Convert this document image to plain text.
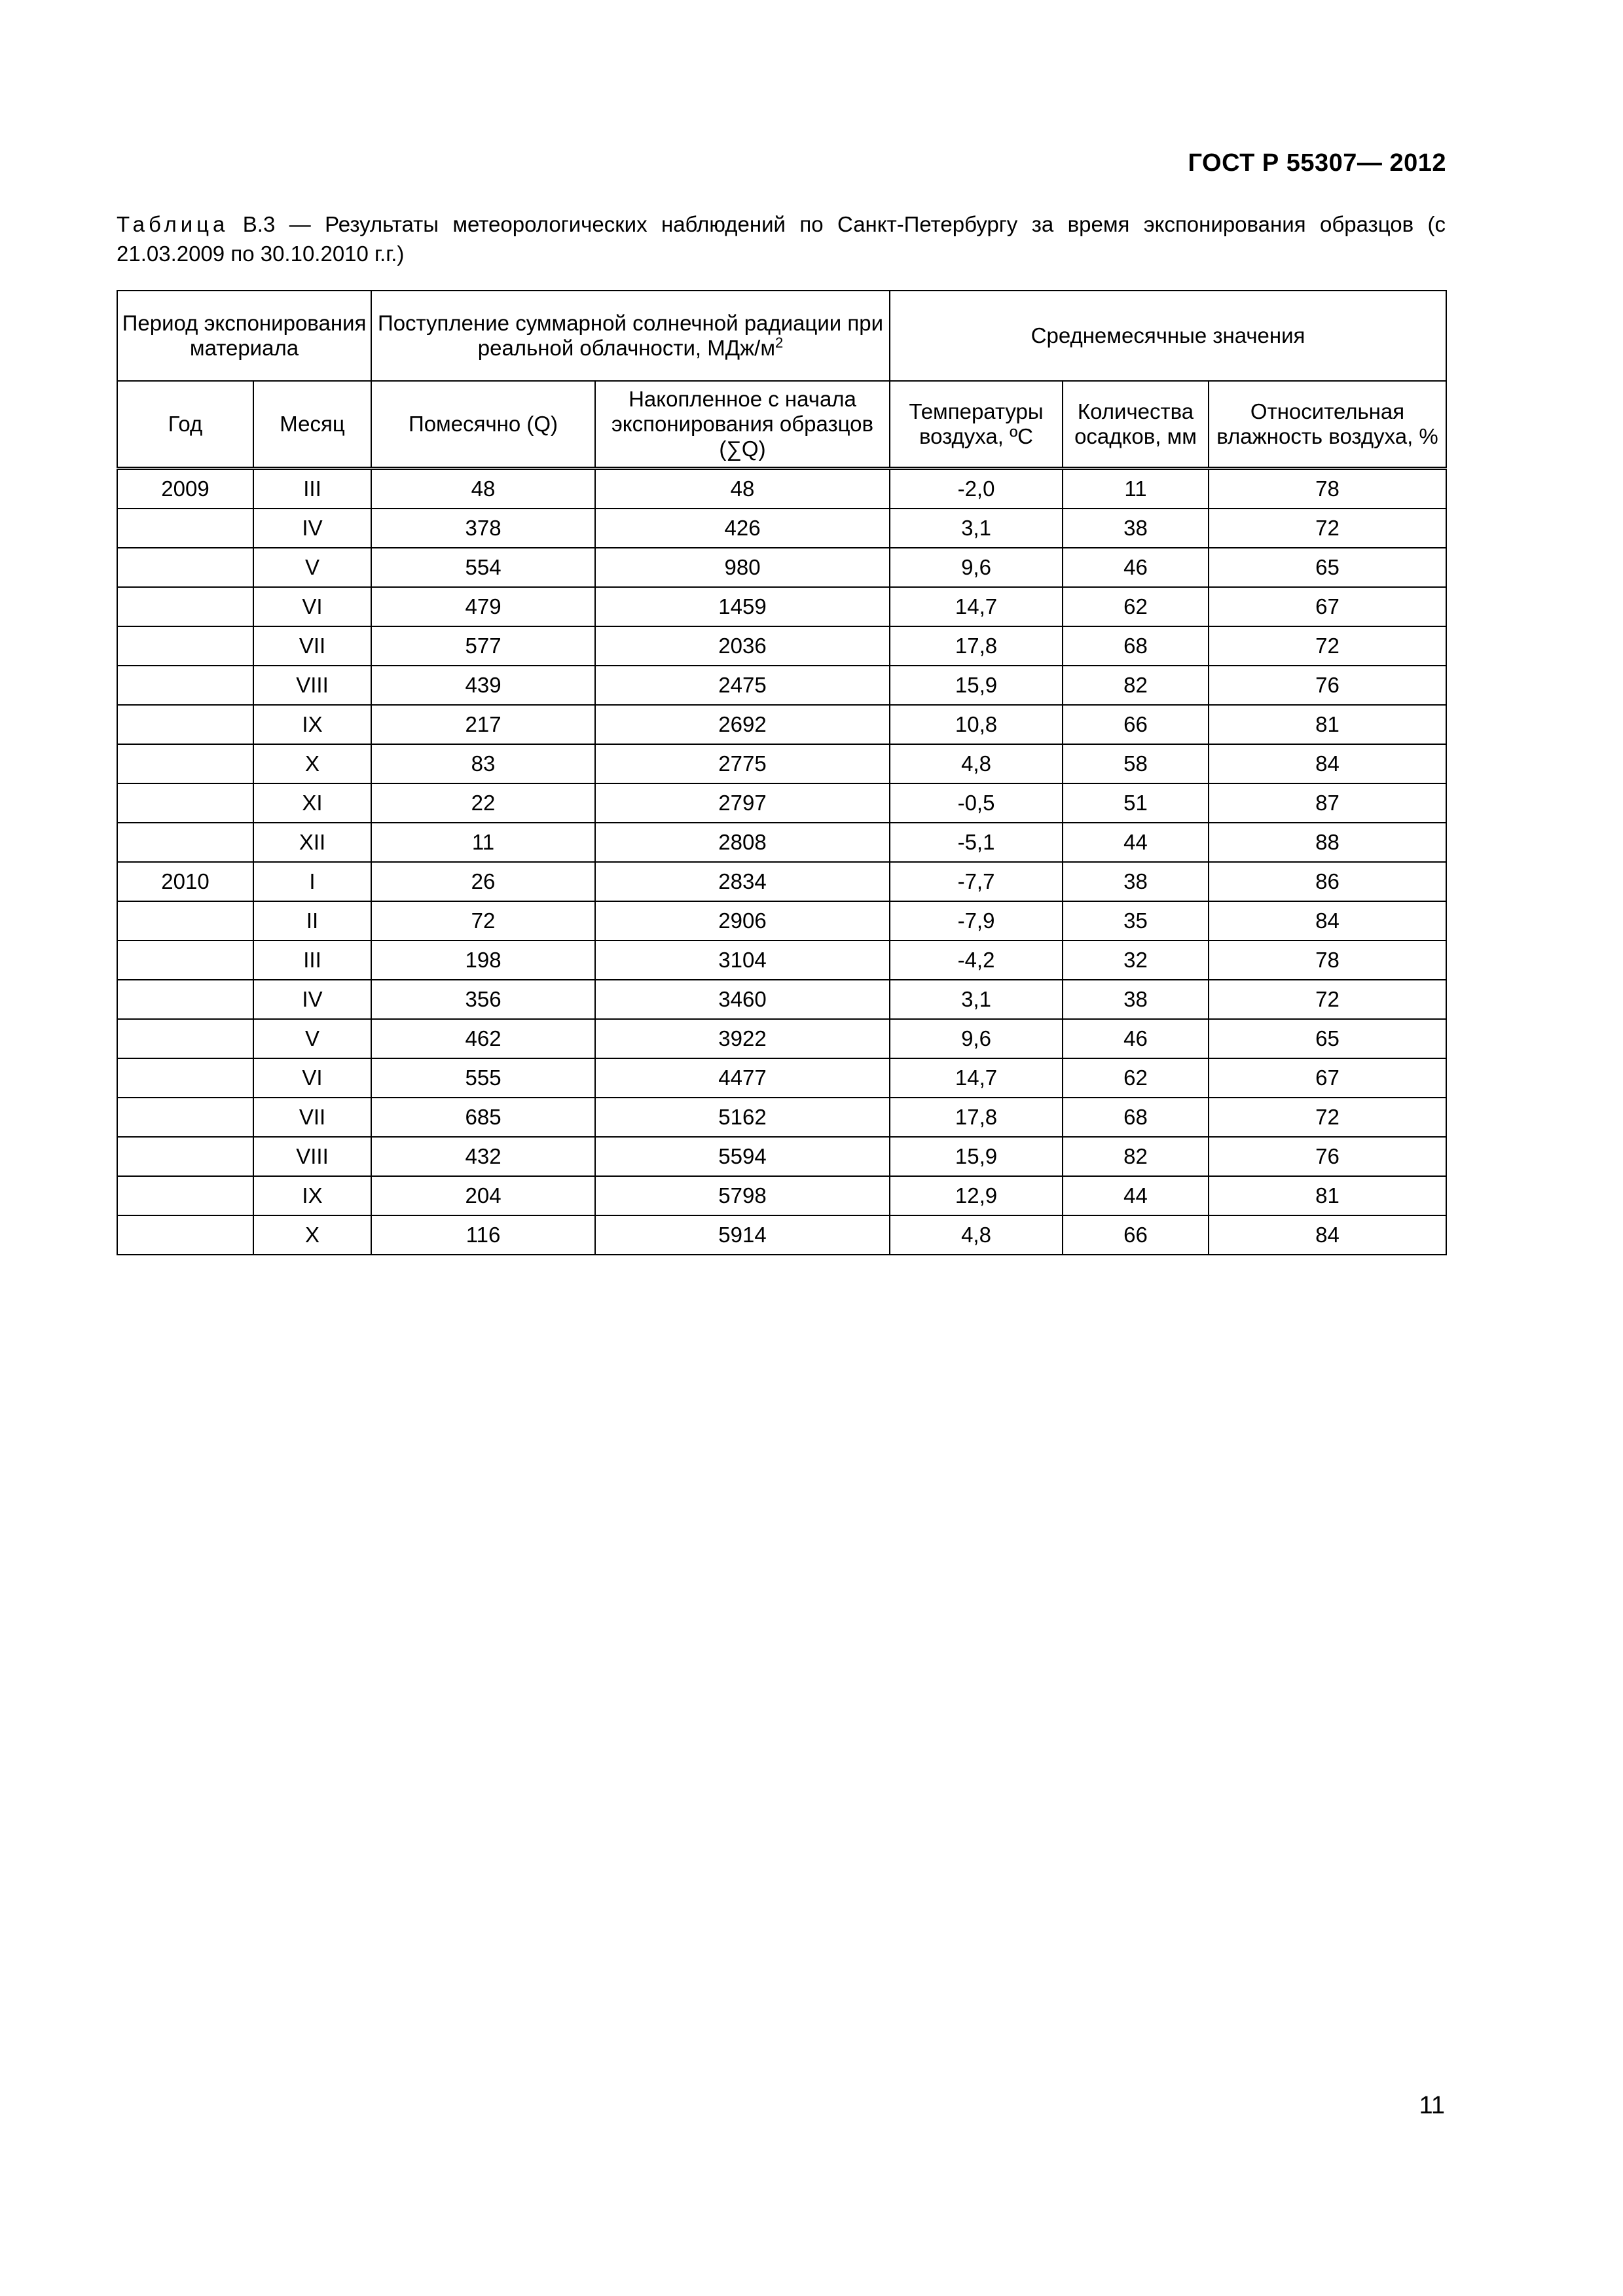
ГОСТ Р 55307— 2012
Таблица В.3 — Результаты метеорологических наблюдений по Санкт-Петербургу за время экспонирования образцов (с 21.03.2009 по 30.10.2010 г.г.)
Период экспонирования материала		Поступление суммарной солнечной радиации при реальной облачности, МДж/$м^2$		Среднемесячные значения		
Год	Месяц	Помесячно (Q)	Накопленное с начала экспонирования образцов (∑Q)	Температуры воздуха, ºС	Количества осадков, мм	Относительная влажность воздуха, %
2009	III	48	48	-2,0	11	78
	IV	378	426	3,1	38	72
	V	554	980	9,6	46	65
	VI	479	1459	14,7	62	67
	VII	577	2036	17,8	68	72
	VIII	439	2475	15,9	82	76
	IX	217	2692	10,8	66	81
	X	83	2775	4,8	58	84
	XI	22	2797	-0,5	51	87
	XII	11	2808	-5,1	44	88
2010	I	26	2834	-7,7	38	86
	II	72	2906	-7,9	35	84
	III	198	3104	-4,2	32	78
	IV	356	3460	3,1	38	72
	V	462	3922	9,6	46	65
	VI	555	4477	14,7	62	67
	VII	685	5162	17,8	68	72
	VIII	432	5594	15,9	82	76
	IX	204	5798	12,9	44	81
	X	116	5914	4,8	66	84
11
